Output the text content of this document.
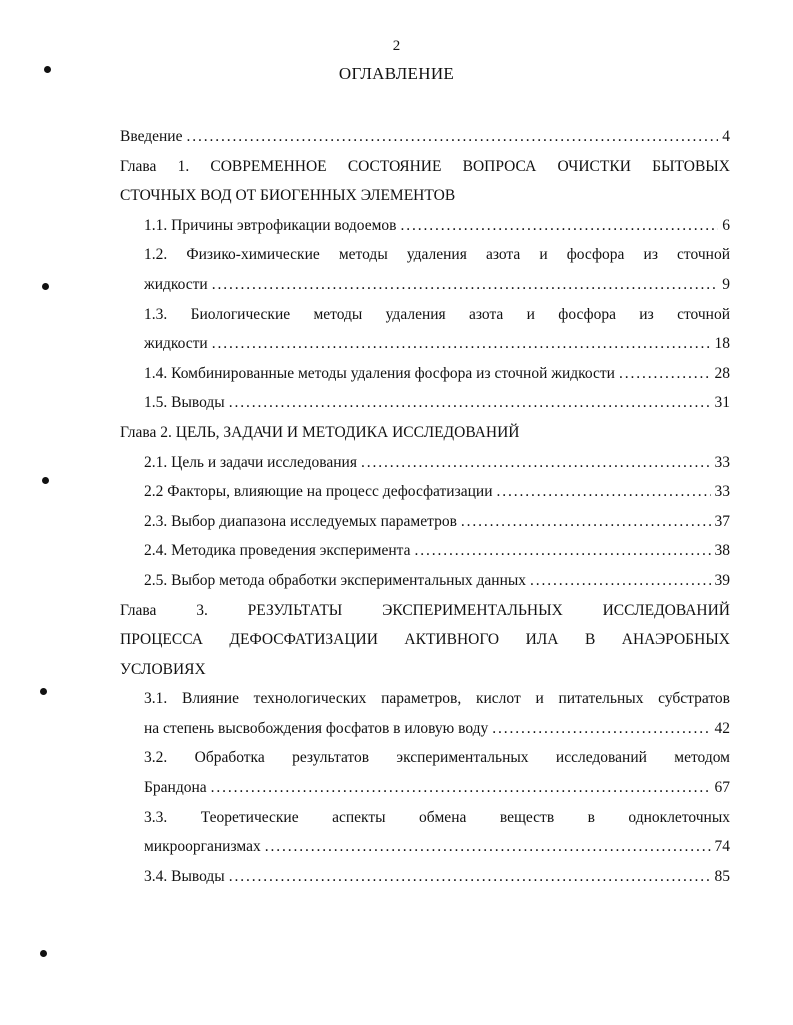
2
ОГЛАВЛЕНИЕ
Введение . . .	4
Глава 1. СОВРЕМЕННОЕ СОСТОЯНИЕ ВОПРОСА ОЧИСТКИ БЫТОВЫХ
СТОЧНЫХ ВОД ОТ БИОГЕННЫХ ЭЛЕМЕНТОВ
1.1. Причины эвтрофикации водоемов . . .	6
1.2. Физико-химические методы удаления азота и фосфора из сточной
жидкости . . .	9
1.3. Биологические методы удаления азота и фосфора из сточной
жидкости . . .	18
1.4. Комбинированные методы удаления фосфора из сточной жидкости . . .	28
1.5. Выводы . . .	31
Глава 2. ЦЕЛЬ, ЗАДАЧИ И МЕТОДИКА ИССЛЕДОВАНИЙ
2.1. Цель и задачи исследования . . .	33
2.2 Факторы, влияющие на процесс дефосфатизации . . .	33
2.3. Выбор диапазона исследуемых параметров . . .	37
2.4. Методика проведения эксперимента . . .	38
2.5. Выбор метода обработки экспериментальных данных . . .	39
Глава 3. РЕЗУЛЬТАТЫ ЭКСПЕРИМЕНТАЛЬНЫХ ИССЛЕДОВАНИЙ
ПРОЦЕССА ДЕФОСФАТИЗАЦИИ АКТИВНОГО ИЛА В АНАЭРОБНЫХ
УСЛОВИЯХ
3.1. Влияние технологических параметров, кислот и питательных субстратов
на степень высвобождения фосфатов в иловую воду . . .	42
3.2. Обработка результатов экспериментальных исследований методом
Брандона . . .	67
3.3. Теоретические аспекты обмена веществ в одноклеточных
микроорганизмах . . .	74
3.4. Выводы . . .	85
